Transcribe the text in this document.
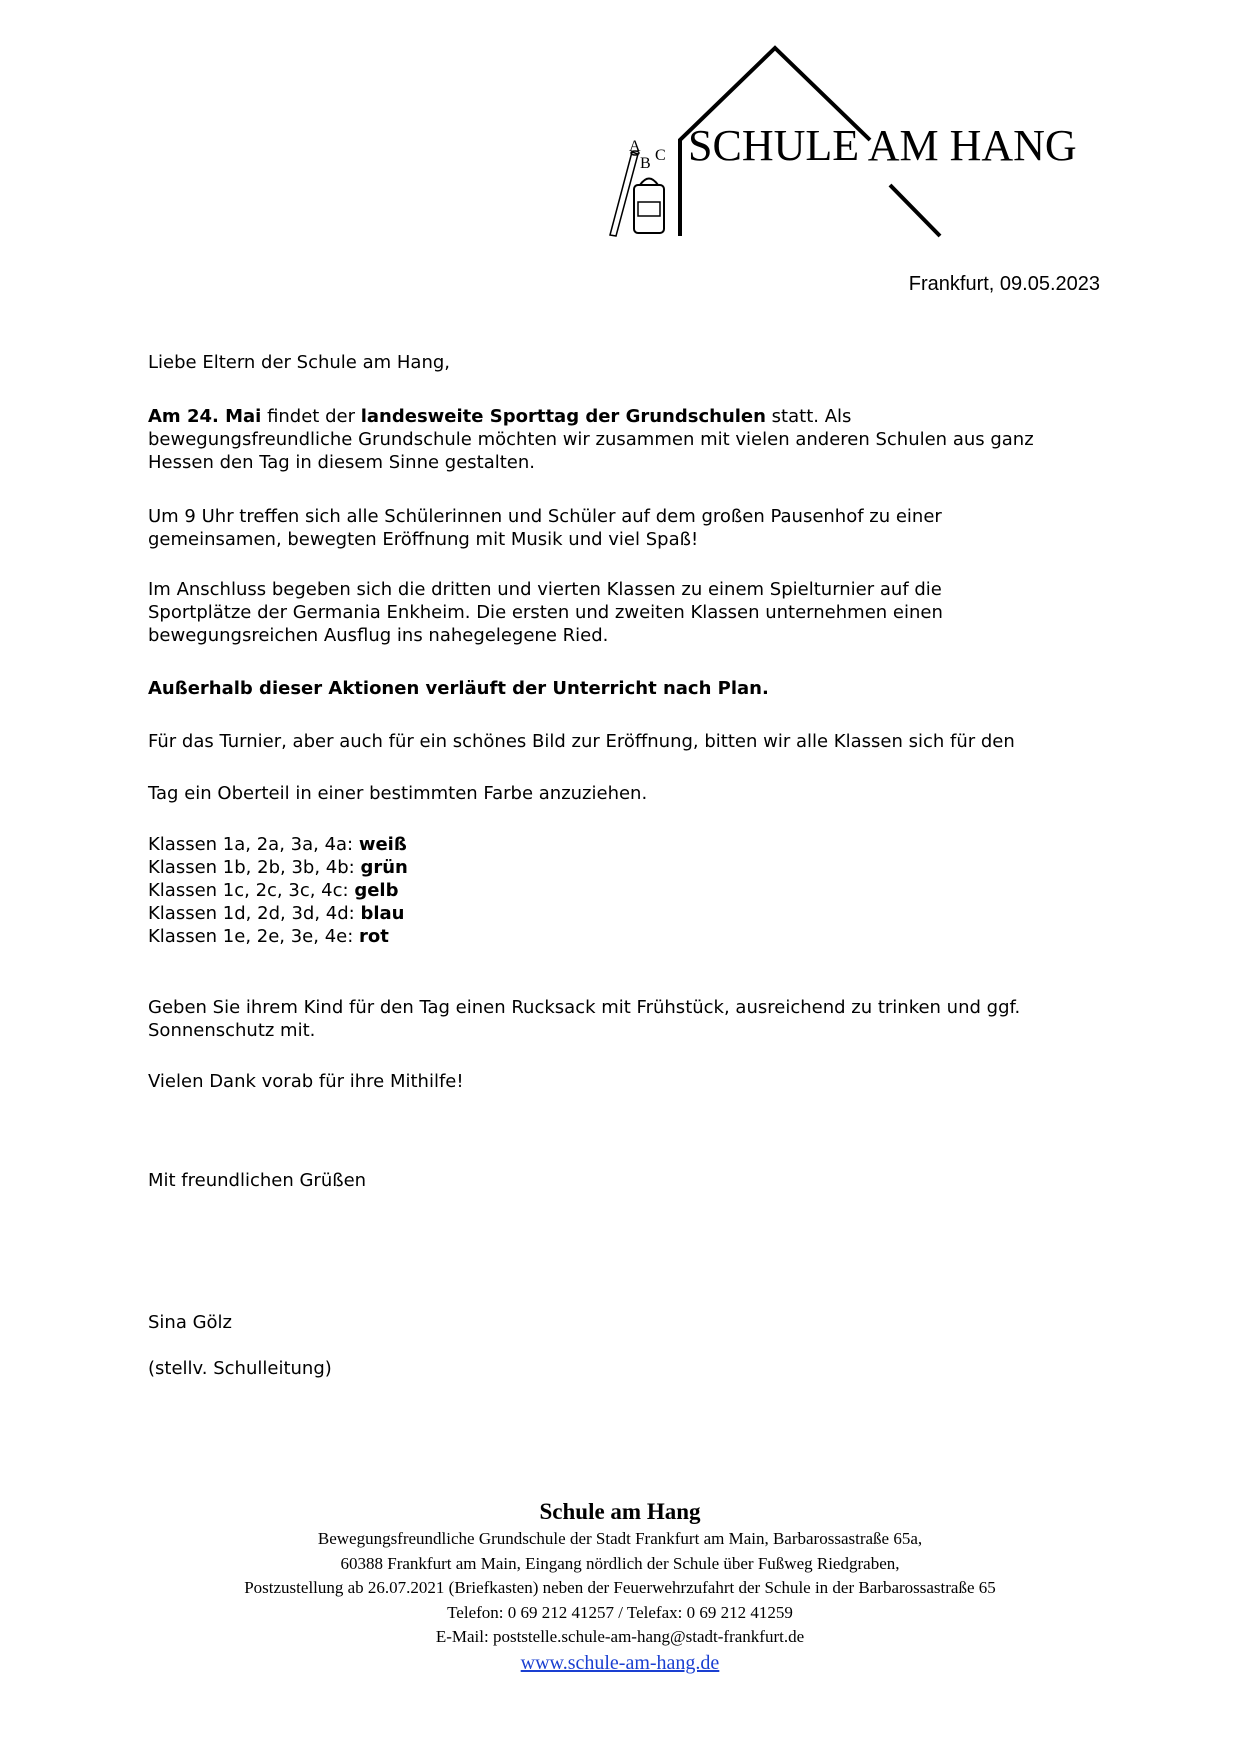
A
B C SCHULE AM HANG
Frankfurt, 09.05.2023

Liebe Eltern der Schule am Hang,

Am 24. Mai findet der landesweite Sporttag der Grundschulen statt. Als

bewegungsfreundliche Grundschule möchten wir zusammen mit vielen anderen Schulen aus ganz

Hessen den Tag in diesem Sinne gestalten.

Um 9 Uhr treffen sich alle Schülerinnen und Schüler auf dem großen Pausenhof zu einer

gemeinsamen, bewegten Eröffnung mit Musik und viel Spaß!

Im Anschluss begeben sich die dritten und vierten Klassen zu einem Spielturnier auf die

Sportplätze der Germania Enkheim. Die ersten und zweiten Klassen unternehmen einen

bewegungsreichen Ausflug ins nahegelegene Ried.

Außerhalb dieser Aktionen verläuft der Unterricht nach Plan.

Für das Turnier, aber auch für ein schönes Bild zur Eröffnung, bitten wir alle Klassen sich für den

Tag ein Oberteil in einer bestimmten Farbe anzuziehen.

Klassen 1a, 2a, 3a, 4a: weiß

Klassen 1b, 2b, 3b, 4b: grün

Klassen 1c, 2c, 3c, 4c: gelb

Klassen 1d, 2d, 3d, 4d: blau

Klassen 1e, 2e, 3e, 4e: rot

Geben Sie ihrem Kind für den Tag einen Rucksack mit Frühstück, ausreichend zu trinken und ggf.

Sonnenschutz mit.

Vielen Dank vorab für ihre Mithilfe!

Mit freundlichen Grüßen

Sina Gölz

(stellv. Schulleitung)

Schule am Hang
Bewegungsfreundliche Grundschule der Stadt Frankfurt am Main, Barbarossastraße 65a,
60388 Frankfurt am Main, Eingang nördlich der Schule über Fußweg Riedgraben,
Postzustellung ab 26.07.2021 (Briefkasten) neben der Feuerwehrzufahrt der Schule in der Barbarossastraße 65
Telefon: 0 69 212 41257 / Telefax: 0 69 212 41259
E-Mail: poststelle.schule-am-hang@stadt-frankfurt.de
www.schule-am-hang.de
